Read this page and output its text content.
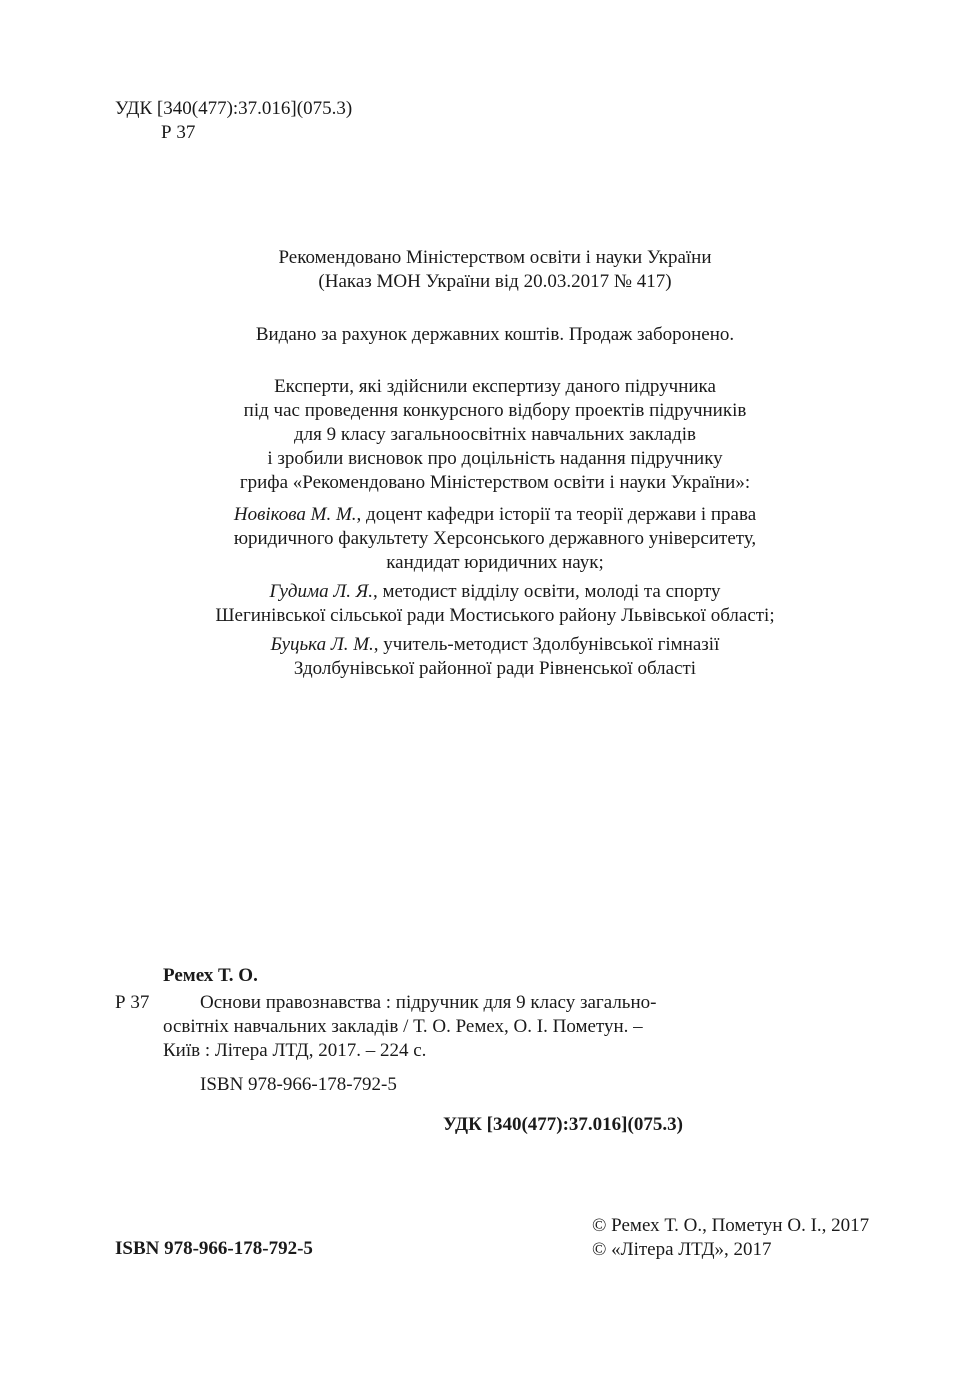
УДК [340(477):37.016](075.3)
Р 37
Рекомендовано Міністерством освіти і науки України
(Наказ МОН України від 20.03.2017 № 417)
Видано за рахунок державних коштів. Продаж заборонено.
Експерти, які здійснили експертизу даного підручника
під час проведення конкурсного відбору проектів підручників
для 9 класу загальноосвітніх навчальних закладів
і зробили висновок про доцільність надання підручнику
грифа «Рекомендовано Міністерством освіти і науки України»:
Новікова М. М., доцент кафедри історії та теорії держави і права
юридичного факультету Херсонського державного університету,
кандидат юридичних наук;
Гудима Л. Я., методист відділу освіти, молоді та спорту
Шегинівської сільської ради Мостиського району Львівської області;
Буцька Л. М., учитель-методист Здолбунівської гімназії
Здолбунівської районної ради Рівненської області
Ремех Т. О.
Р 37	Основи правознавства : підручник для 9 класу загально-
освітніх навчальних закладів / Т. О. Ремех, О. І. Пометун. –
Київ : Літера ЛТД, 2017. – 224 с.
ISBN 978-966-178-792-5
УДК [340(477):37.016](075.3)
ISBN 978-966-178-792-5
© Ремех Т. О., Пометун О. І., 2017
© «Літера ЛТД», 2017
